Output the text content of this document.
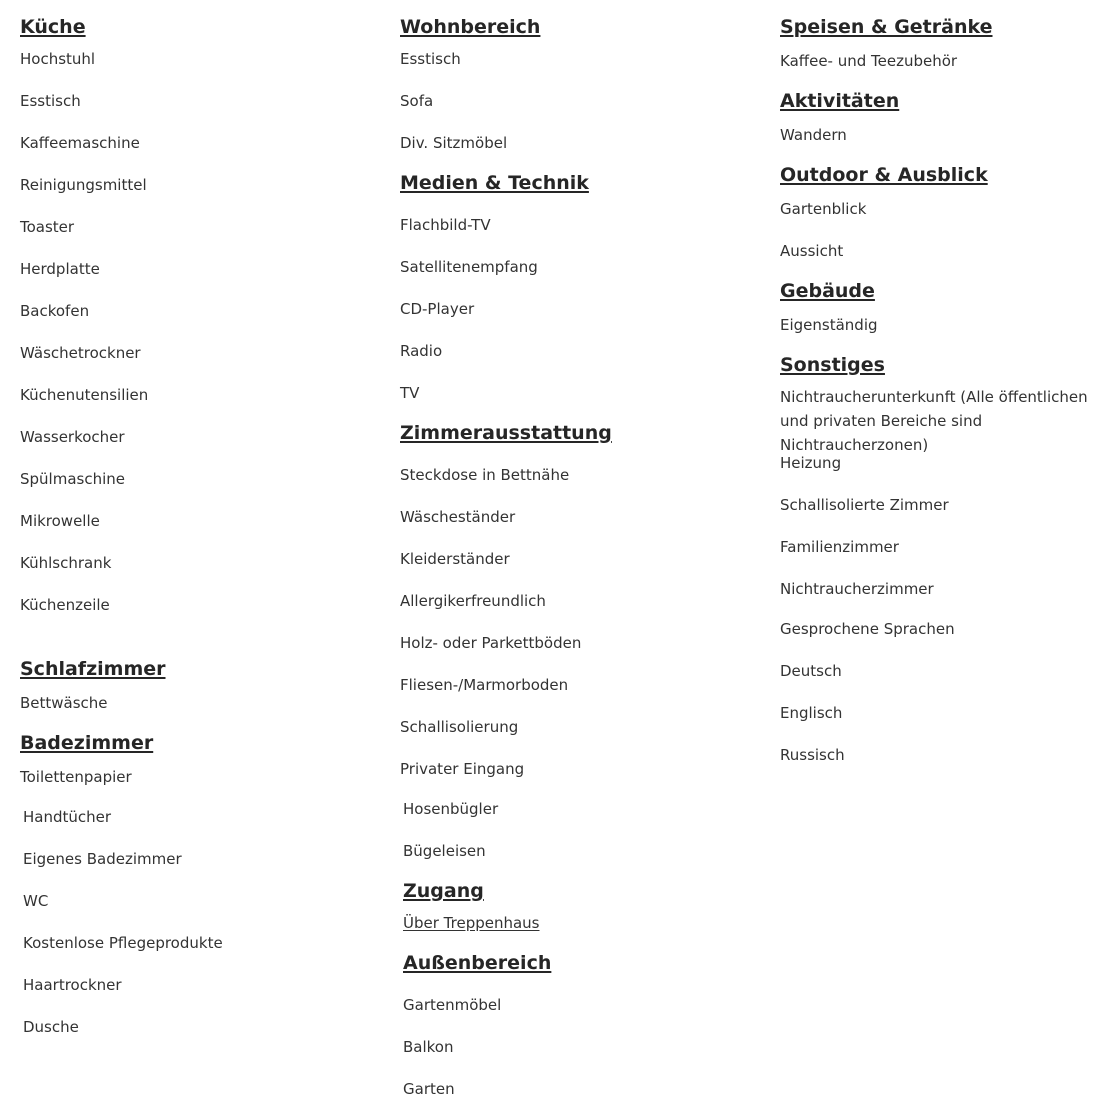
Küche
Hochstuhl
Esstisch
Kaffeemaschine
Reinigungsmittel
Toaster
Herdplatte
Backofen
Wäschetrockner
Küchenutensilien
Wasserkocher
Spülmaschine
Mikrowelle
Kühlschrank
Küchenzeile
Schlafzimmer
Bettwäsche
Badezimmer
Toilettenpapier
Handtücher
Eigenes Badezimmer
WC
Kostenlose Pflegeprodukte
Haartrockner
Dusche
Wohnbereich
Esstisch
Sofa
Div. Sitzmöbel
Medien & Technik
Flachbild-TV
Satellitenempfang
CD-Player
Radio
TV
Zimmerausstattung
Steckdose in Bettnähe
Wäscheständer
Kleiderständer
Allergikerfreundlich
Holz- oder Parkettböden
Fliesen-/Marmorboden
Schallisolierung
Privater Eingang
Hosenbügler
Bügeleisen
Zugang
Über Treppenhaus
Außenbereich
Gartenmöbel
Balkon
Garten
Speisen & Getränke
Kaffee- und Teezubehör
Aktivitäten
Wandern
Outdoor & Ausblick
Gartenblick
Aussicht
Gebäude
Eigenständig
Sonstiges
Nichtraucherunterkunft (Alle öffentlichen und privaten Bereiche sind Nichtraucherzonen)
Heizung
Schallisolierte Zimmer
Familienzimmer
Nichtraucherzimmer
Gesprochene Sprachen
Deutsch
Englisch
Russisch
